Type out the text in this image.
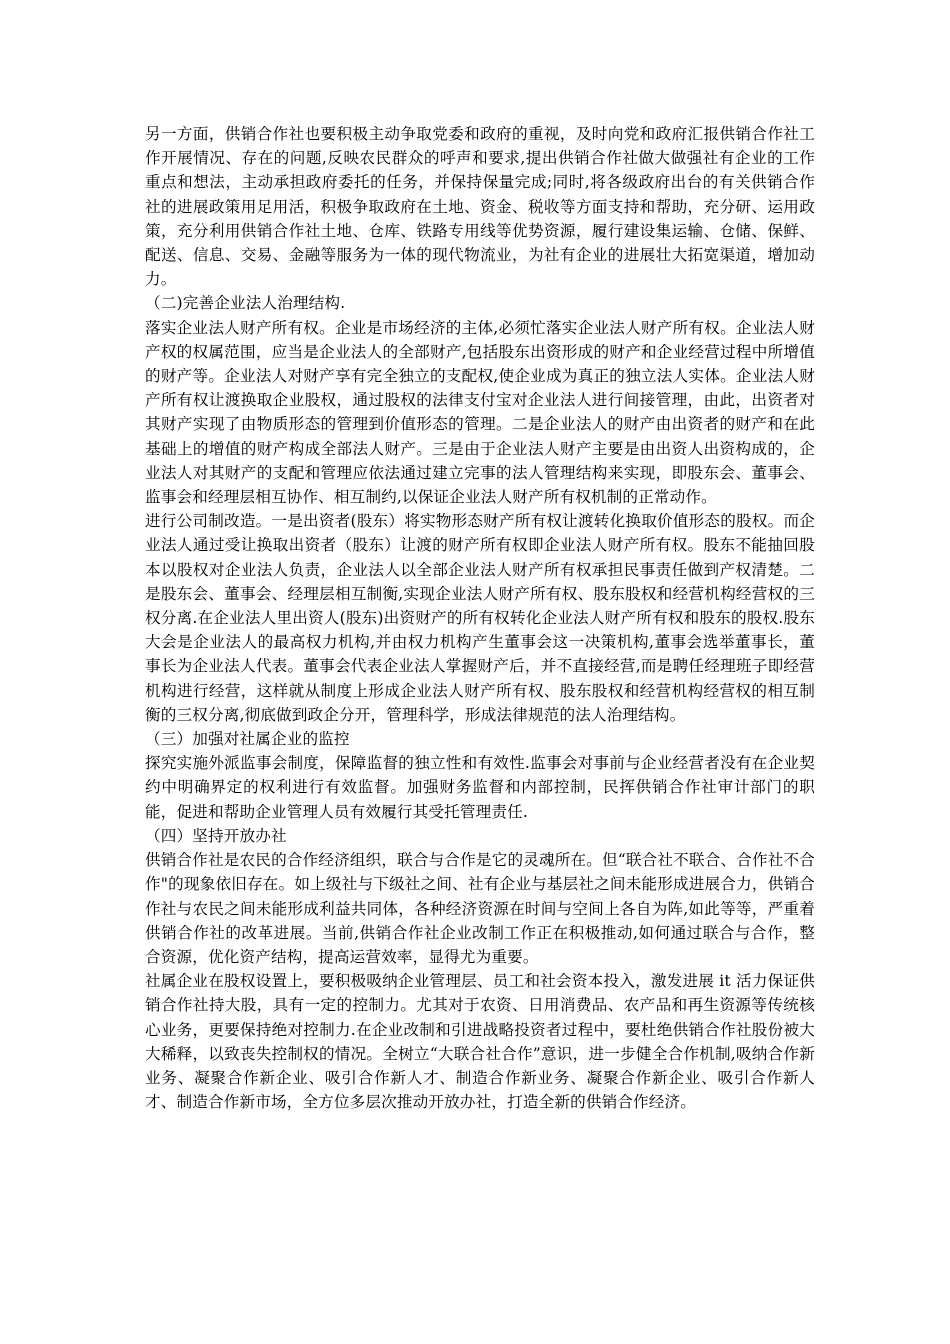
另一方面，供销合作社也要积极主动争取党委和政府的重视，及时向党和政府汇报供销合作社工作开展情况、存在的问题,反映农民群众的呼声和要求,提出供销合作社做大做强社有企业的工作重点和想法，主动承担政府委托的任务，并保持保量完成;同时,将各级政府出台的有关供销合作社的进展政策用足用活，积极争取政府在土地、资金、税收等方面支持和帮助，充分研、运用政策，充分利用供销合作社土地、仓库、铁路专用线等优势资源，履行建设集运输、仓储、保鲜、配送、信息、交易、金融等服务为一体的现代物流业，为社有企业的进展壮大拓宽渠道，增加动力。

（二)完善企业法人治理结构.

落实企业法人财产所有权。企业是市场经济的主体,必须忙落实企业法人财产所有权。企业法人财产权的权属范围，应当是企业法人的全部财产,包括股东出资形成的财产和企业经营过程中所增值的财产等。企业法人对财产享有完全独立的支配权,使企业成为真正的独立法人实体。企业法人财产所有权让渡换取企业股权，通过股权的法律支付宝对企业法人进行间接管理，由此，出资者对其财产实现了由物质形态的管理到价值形态的管理。二是企业法人的财产由出资者的财产和在此基础上的增值的财产构成全部法人财产。三是由于企业法人财产主要是由出资人出资构成的，企业法人对其财产的支配和管理应依法通过建立完事的法人管理结构来实现，即股东会、董事会、监事会和经理层相互协作、相互制约,以保证企业法人财产所有权机制的正常动作。

进行公司制改造。一是出资者(股东）将实物形态财产所有权让渡转化换取价值形态的股权。而企业法人通过受让换取出资者（股东）让渡的财产所有权即企业法人财产所有权。股东不能抽回股本以股权对企业法人负责，企业法人以全部企业法人财产所有权承担民事责任做到产权清楚。二是股东会、董事会、经理层相互制衡,实现企业法人财产所有权、股东股权和经营机构经营权的三权分离.在企业法人里出资人(股东)出资财产的所有权转化企业法人财产所有权和股东的股权.股东大会是企业法人的最高权力机构,并由权力机构产生董事会这一决策机构,董事会选举董事长，董事长为企业法人代表。董事会代表企业法人掌握财产后，并不直接经营,而是聘任经理班子即经营机构进行经营，这样就从制度上形成企业法人财产所有权、股东股权和经营机构经营权的相互制衡的三权分离,彻底做到政企分开，管理科学，形成法律规范的法人治理结构。

（三）加强对社属企业的监控

探究实施外派监事会制度，保障监督的独立性和有效性.监事会对事前与企业经营者没有在企业契约中明确界定的权利进行有效监督。加强财务监督和内部控制，民挥供销合作社审计部门的职能，促进和帮助企业管理人员有效履行其受托管理责任.

（四）坚持开放办社

供销合作社是农民的合作经济组织，联合与合作是它的灵魂所在。但“联合社不联合、合作社不合作"的现象依旧存在。如上级社与下级社之间、社有企业与基层社之间未能形成进展合力，供销合作社与农民之间未能形成利益共同体，各种经济资源在时间与空间上各自为阵,如此等等，严重着供销合作社的改革进展。当前,供销合作社企业改制工作正在积极推动,如何通过联合与合作，整合资源，优化资产结构，提高运营效率，显得尤为重要。

社属企业在股权设置上，要积极吸纳企业管理层、员工和社会资本投入，激发进展 it 活力保证供销合作社持大股，具有一定的控制力。尤其对于农资、日用消费品、农产品和再生资源等传统核心业务，更要保持绝对控制力.在企业改制和引进战略投资者过程中，要杜绝供销合作社股份被大大稀释，以致丧失控制权的情况。全树立“大联合社合作”意识，进一步健全合作机制,吸纳合作新业务、凝聚合作新企业、吸引合作新人才、制造合作新业务、凝聚合作新企业、吸引合作新人才、制造合作新市场，全方位多层次推动开放办社，打造全新的供销合作经济。
